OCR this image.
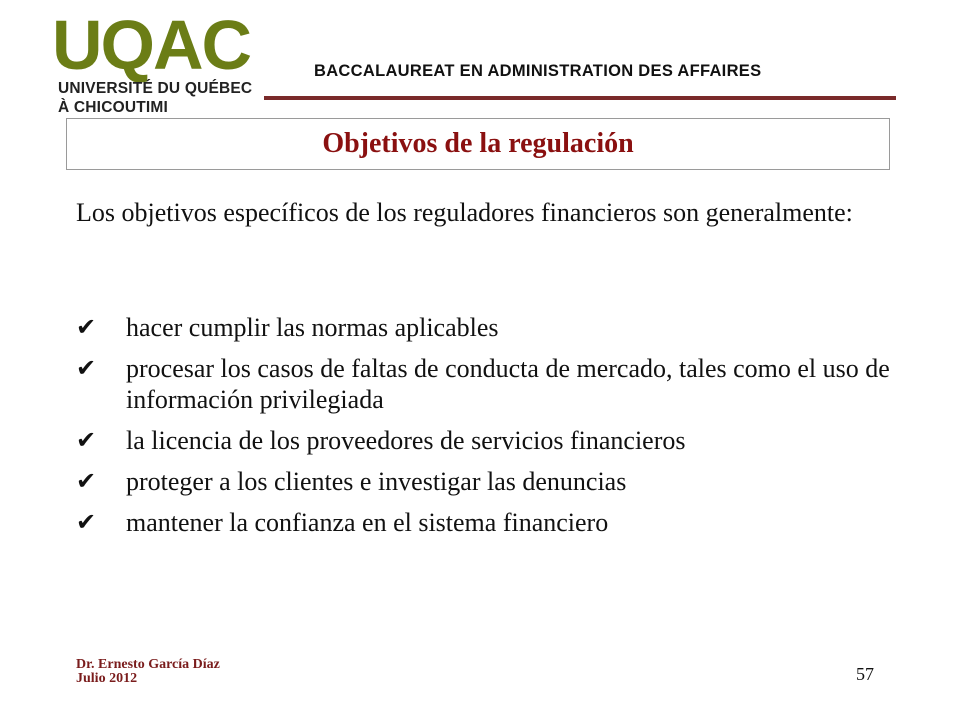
UQAC
UNIVERSITÉ DU QUÉBEC
À CHICOUTIMI
BACCALAUREAT EN ADMINISTRATION DES AFFAIRES
Objetivos de la regulación
Los objetivos específicos de los reguladores financieros son generalmente:
✔ hacer cumplir las normas aplicables
✔ procesar los casos de faltas de conducta de mercado, tales como el uso de información privilegiada
✔ la licencia de los proveedores de servicios financieros
✔ proteger a los clientes e investigar las denuncias
✔ mantener la confianza en el sistema financiero
Dr. Ernesto García Díaz
Julio 2012	57
